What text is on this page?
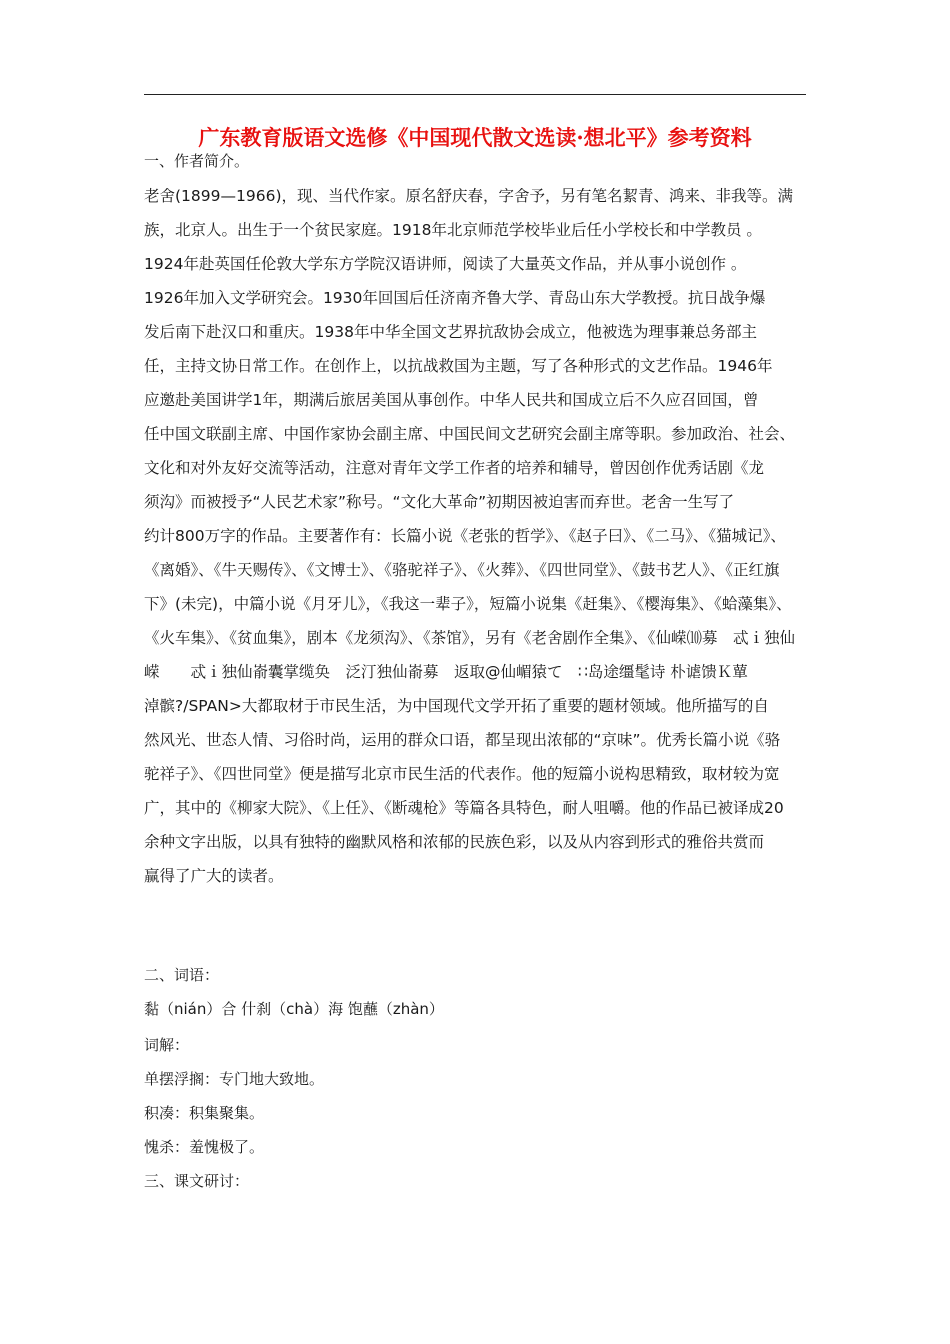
广东教育版语文选修《中国现代散文选读·想北平》参考资料
一、作者简介。
老舍(1899—1966)，现、当代作家。原名舒庆春，字舍予，另有笔名絜青、鸿来、非我等。满
族，北京人。出生于一个贫民家庭。1918年北京师范学校毕业后任小学校长和中学教员 。
1924年赴英国任伦敦大学东方学院汉语讲师，阅读了大量英文作品，并从事小说创作 。
1926年加入文学研究会。1930年回国后任济南齐鲁大学、青岛山东大学教授。抗日战争爆
发后南下赴汉口和重庆。1938年中华全国文艺界抗敌协会成立，他被选为理事兼总务部主
任，主持文协日常工作。在创作上，以抗战救国为主题，写了各种形式的文艺作品。1946年
应邀赴美国讲学1年，期满后旅居美国从事创作。中华人民共和国成立后不久应召回国，曾
任中国文联副主席、中国作家协会副主席、中国民间文艺研究会副主席等职。参加政治、社会、
文化和对外友好交流等活动，注意对青年文学工作者的培养和辅导，曾因创作优秀话剧《龙
须沟》而被授予“人民艺术家”称号。“文化大革命”初期因被迫害而弃世。老舍一生写了
约计800万字的作品。主要著作有：长篇小说《老张的哲学》、《赵子曰》、《二马》、《猫城记》、
《离婚》、《牛天赐传》、《文博士》、《骆驼祥子》、《火葬》、《四世同堂》、《鼓书艺人》、《正红旗
下》(未完)，中篇小说《月牙儿》，《我这一辈子》，短篇小说集《赶集》、《樱海集》、《蛤藻集》、
《火车集》、《贫血集》，剧本《龙须沟》、《茶馆》，另有《老舍剧作全集》、《仙嵘⑽募　忒ｉ独仙
嵘　　忒ｉ独仙嵛囊掌缆奂　泛汀独仙嵛募　返取@仙嵋猿て　∷岛途缰髦诗 朴谑馈Ｋ蕇
淖髌?/SPAN>大都取材于市民生活，为中国现代文学开拓了重要的题材领域。他所描写的自
然风光、世态人情、习俗时尚，运用的群众口语，都呈现出浓郁的“京味”。优秀长篇小说《骆
驼祥子》、《四世同堂》便是描写北京市民生活的代表作。他的短篇小说构思精致，取材较为宽
广，其中的《柳家大院》、《上任》、《断魂枪》等篇各具特色，耐人咀嚼。他的作品已被译成20
余种文字出版，以具有独特的幽默风格和浓郁的民族色彩，以及从内容到形式的雅俗共赏而
赢得了广大的读者。
二、词语：
黏（nián）合 什刹（chà）海 饱蘸（zhàn）
词解：
单摆浮搁：专门地大致地。
积凑：积集聚集。
愧杀：羞愧极了。
三、课文研讨：
